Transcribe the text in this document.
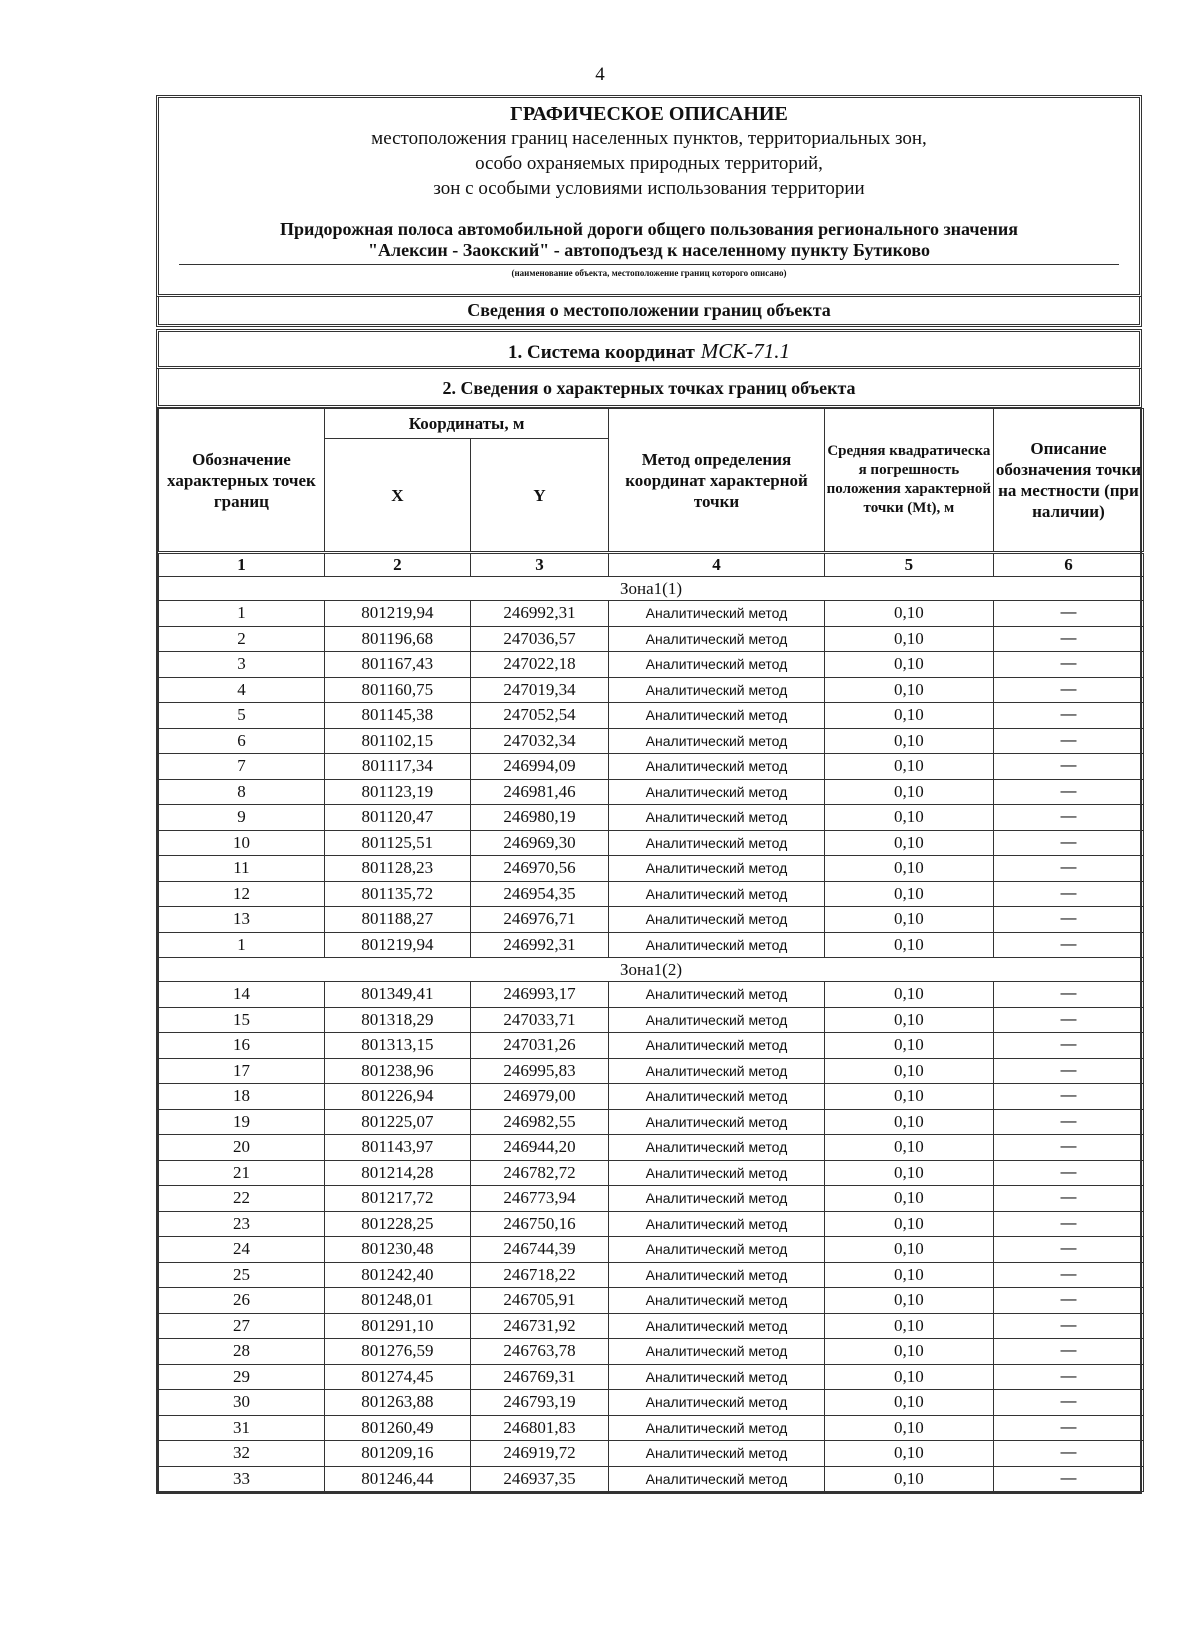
4
ГРАФИЧЕСКОЕ ОПИСАНИЕ
местоположения границ населенных пунктов, территориальных зон,
особо охраняемых природных территорий,
зон с особыми условиями использования территории
Придорожная полоса автомобильной дороги общего пользования регионального значения
"Алексин - Заокский" - автоподъезд к населенному пункту Бутиково
(наименование объекта, местоположение границ которого описано)
Сведения о местоположении границ объекта
1. Система координат МСК-71.1
2. Сведения о характерных точках границ объекта
Обозначение характерных точек границ	Координаты, м		Метод определения координат характерной точки	Средняя квадратическа я погрешность положения характерной точки (Mt), м	Описание обозначения точки на местности (при наличии)
	X	Y			
1	2	3	4	5	6
Зона1(1)					
1	801219,94	246992,31	Аналитический метод	0,10	—
2	801196,68	247036,57	Аналитический метод	0,10	—
3	801167,43	247022,18	Аналитический метод	0,10	—
4	801160,75	247019,34	Аналитический метод	0,10	—
5	801145,38	247052,54	Аналитический метод	0,10	—
6	801102,15	247032,34	Аналитический метод	0,10	—
7	801117,34	246994,09	Аналитический метод	0,10	—
8	801123,19	246981,46	Аналитический метод	0,10	—
9	801120,47	246980,19	Аналитический метод	0,10	—
10	801125,51	246969,30	Аналитический метод	0,10	—
11	801128,23	246970,56	Аналитический метод	0,10	—
12	801135,72	246954,35	Аналитический метод	0,10	—
13	801188,27	246976,71	Аналитический метод	0,10	—
1	801219,94	246992,31	Аналитический метод	0,10	—
Зона1(2)					
14	801349,41	246993,17	Аналитический метод	0,10	—
15	801318,29	247033,71	Аналитический метод	0,10	—
16	801313,15	247031,26	Аналитический метод	0,10	—
17	801238,96	246995,83	Аналитический метод	0,10	—
18	801226,94	246979,00	Аналитический метод	0,10	—
19	801225,07	246982,55	Аналитический метод	0,10	—
20	801143,97	246944,20	Аналитический метод	0,10	—
21	801214,28	246782,72	Аналитический метод	0,10	—
22	801217,72	246773,94	Аналитический метод	0,10	—
23	801228,25	246750,16	Аналитический метод	0,10	—
24	801230,48	246744,39	Аналитический метод	0,10	—
25	801242,40	246718,22	Аналитический метод	0,10	—
26	801248,01	246705,91	Аналитический метод	0,10	—
27	801291,10	246731,92	Аналитический метод	0,10	—
28	801276,59	246763,78	Аналитический метод	0,10	—
29	801274,45	246769,31	Аналитический метод	0,10	—
30	801263,88	246793,19	Аналитический метод	0,10	—
31	801260,49	246801,83	Аналитический метод	0,10	—
32	801209,16	246919,72	Аналитический метод	0,10	—
33	801246,44	246937,35	Аналитический метод	0,10	—
